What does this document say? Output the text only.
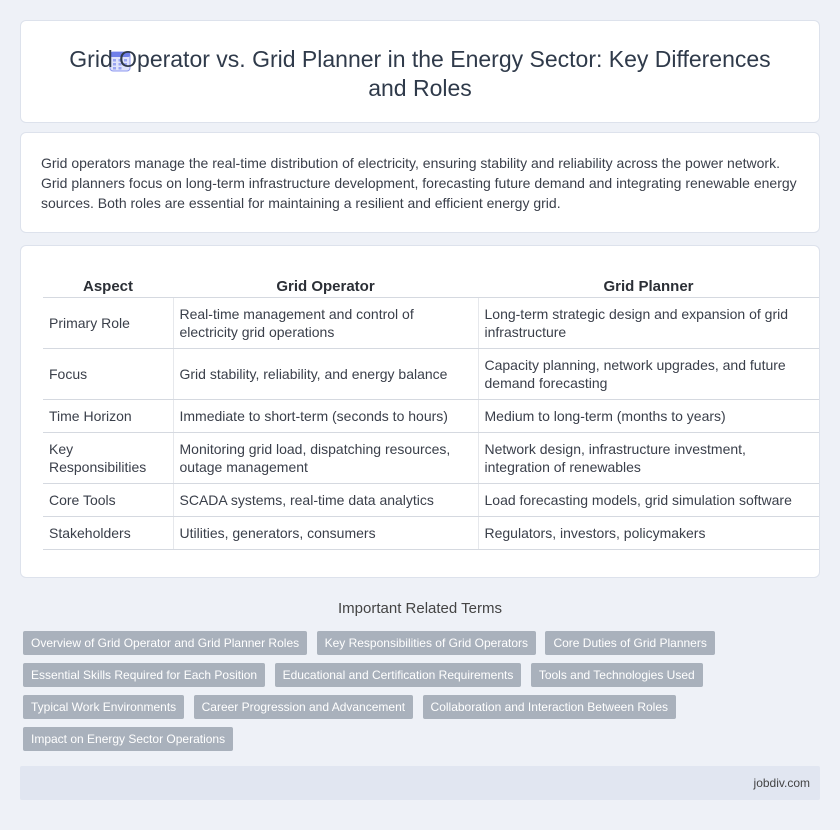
Grid Operator vs. Grid Planner in the Energy Sector: Key Differences and Roles
Grid operators manage the real-time distribution of electricity, ensuring stability and reliability across the power network. Grid planners focus on long-term infrastructure development, forecasting future demand and integrating renewable energy sources. Both roles are essential for maintaining a resilient and efficient energy grid.
Aspect	Grid Operator	Grid Planner
Primary Role	Real-time management and control of electricity grid operations	Long-term strategic design and expansion of grid infrastructure
Focus	Grid stability, reliability, and energy balance	Capacity planning, network upgrades, and future demand forecasting
Time Horizon	Immediate to short-term (seconds to hours)	Medium to long-term (months to years)
Key Responsibilities	Monitoring grid load, dispatching resources, outage management	Network design, infrastructure investment, integration of renewables
Core Tools	SCADA systems, real-time data analytics	Load forecasting models, grid simulation software
Stakeholders	Utilities, generators, consumers	Regulators, investors, policymakers
Important Related Terms
Overview of Grid Operator and Grid Planner Roles Key Responsibilities of Grid Operators Core Duties of Grid Planners Essential Skills Required for Each Position Educational and Certification Requirements Tools and Technologies Used Typical Work Environments Career Progression and Advancement Collaboration and Interaction Between Roles Impact on Energy Sector Operations
jobdiv.com
